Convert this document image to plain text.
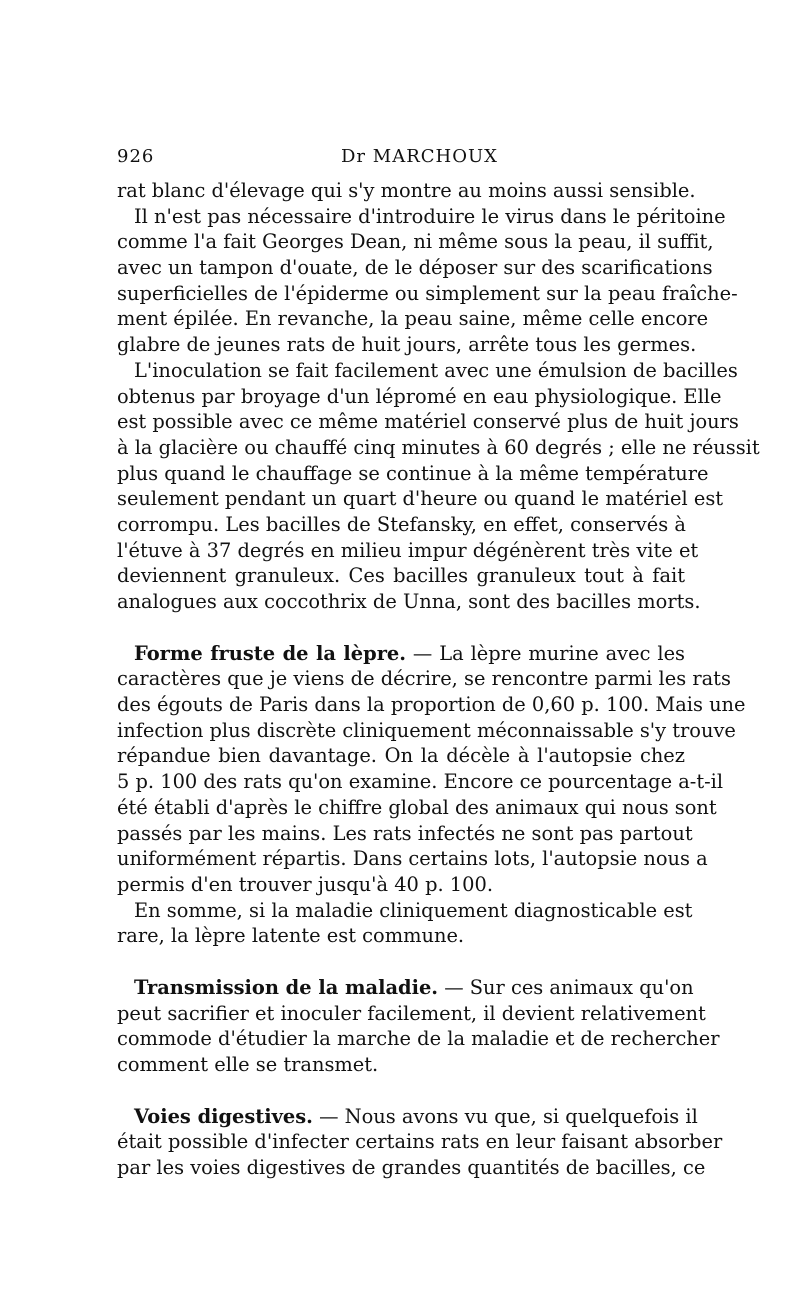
926	Dr MARCHOUX
rat blanc d'élevage qui s'y montre au moins aussi sensible.
Il n'est pas nécessaire d'introduire le virus dans le péritoine
comme l'a fait Georges Dean, ni même sous la peau, il suffit,
avec un tampon d'ouate, de le déposer sur des scarifications
superficielles de l'épiderme ou simplement sur la peau fraîche-
ment épilée. En revanche, la peau saine, même celle encore
glabre de jeunes rats de huit jours, arrête tous les germes.
L'inoculation se fait facilement avec une émulsion de bacilles
obtenus par broyage d'un lépromé en eau physiologique. Elle
est possible avec ce même matériel conservé plus de huit jours
à la glacière ou chauffé cinq minutes à 60 degrés ; elle ne réussit
plus quand le chauffage se continue à la même température
seulement pendant un quart d'heure ou quand le matériel est
corrompu. Les bacilles de Stefansky, en effet, conservés à
l'étuve à 37 degrés en milieu impur dégénèrent très vite et
deviennent granuleux. Ces bacilles granuleux tout à fait
analogues aux coccothrix de Unna, sont des bacilles morts.
Forme fruste de la lèpre. — La lèpre murine avec les
caractères que je viens de décrire, se rencontre parmi les rats
des égouts de Paris dans la proportion de 0,60 p. 100. Mais une
infection plus discrète cliniquement méconnaissable s'y trouve
répandue bien davantage. On la décèle à l'autopsie chez
5 p. 100 des rats qu'on examine. Encore ce pourcentage a-t-il
été établi d'après le chiffre global des animaux qui nous sont
passés par les mains. Les rats infectés ne sont pas partout
uniformément répartis. Dans certains lots, l'autopsie nous a
permis d'en trouver jusqu'à 40 p. 100.
En somme, si la maladie cliniquement diagnosticable est
rare, la lèpre latente est commune.
Transmission de la maladie. — Sur ces animaux qu'on
peut sacrifier et inoculer facilement, il devient relativement
commode d'étudier la marche de la maladie et de rechercher
comment elle se transmet.
Voies digestives. — Nous avons vu que, si quelquefois il
était possible d'infecter certains rats en leur faisant absorber
par les voies digestives de grandes quantités de bacilles, ce
